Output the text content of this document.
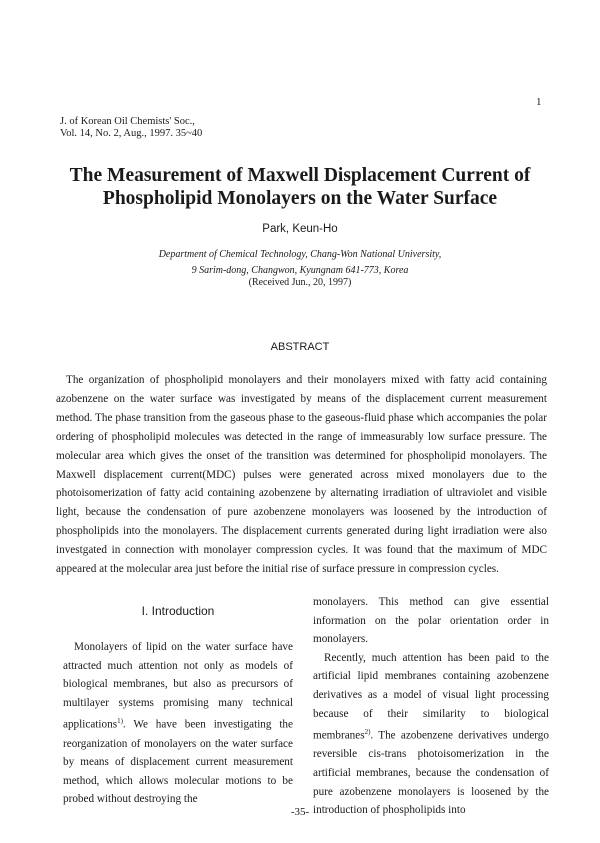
1
J. of Korean Oil Chemists' Soc.,
Vol. 14, No. 2, Aug., 1997. 35~40
The Measurement of Maxwell Displacement Current of
Phospholipid Monolayers on the Water Surface
Park, Keun-Ho
Department of Chemical Technology, Chang-Won National University,
9 Sarim-dong, Changwon, Kyungnam 641-773, Korea
(Received Jun., 20, 1997)
ABSTRACT
The organization of phospholipid monolayers and their monolayers mixed with fatty acid containing azobenzene on the water surface was investigated by means of the displacement current measurement method. The phase transition from the gaseous phase to the gaseous-fluid phase which accompanies the polar ordering of phospholipid molecules was detected in the range of immeasurably low surface pressure. The molecular area which gives the onset of the transition was determined for phospholipid monolayers. The Maxwell displacement current(MDC) pulses were generated across mixed monolayers due to the photoisomerization of fatty acid containing azobenzene by alternating irradiation of ultraviolet and visible light, because the condensation of pure azobenzene monolayers was loosened by the introduction of phospholipids into the monolayers. The displacement currents generated during light irradiation were also investgated in connection with monolayer compression cycles. It was found that the maximum of MDC appeared at the molecular area just before the initial rise of surface pressure in compression cycles.
I. Introduction

Monolayers of lipid on the water surface have attracted much attention not only as models of biological membranes, but also as precursors of multilayer systems promising many technical applications$^{1)}$. We have been investigating the reorganization of monolayers on the water surface by means of displacement current measurement method, which allows molecular motions to be probed without destroying the

monolayers. This method can give essential information on the polar orientation order in monolayers.

Recently, much attention has been paid to the artificial lipid membranes containing azobenzene derivatives as a model of visual light processing because of their similarity to biological membranes$^{2)}$. The azobenzene derivatives undergo reversible cis-trans photoisomerization in the artificial membranes, because the condensation of pure azobenzene monolayers is loosened by the introduction of phospholipids into

-35-
